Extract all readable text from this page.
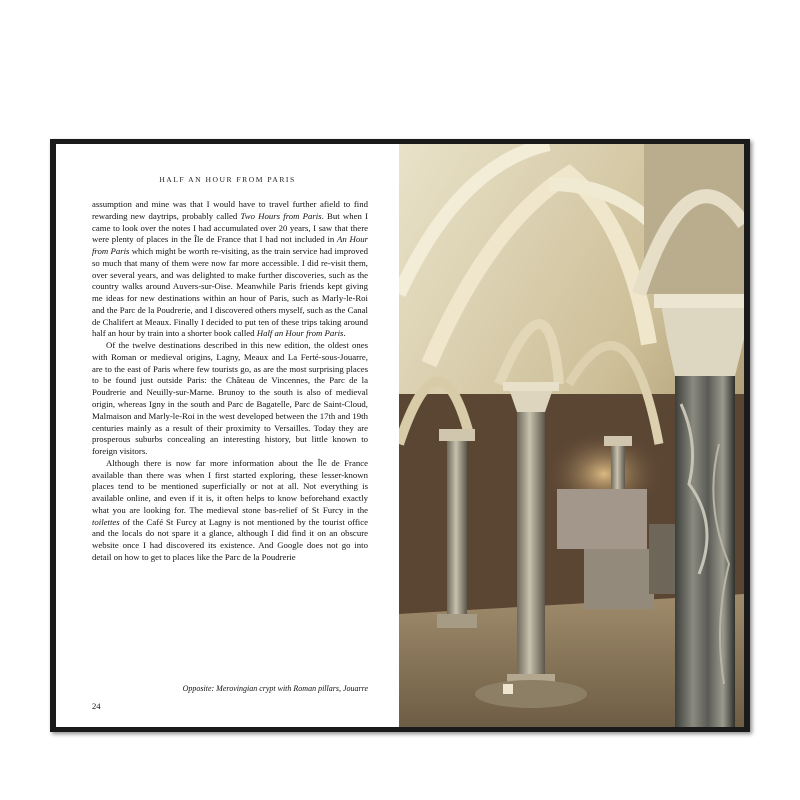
HALF AN HOUR FROM PARIS

assumption and mine was that I would have to travel further afield to find rewarding new daytrips, probably called Two Hours from Paris. But when I came to look over the notes I had accumulated over 20 years, I saw that there were plenty of places in the Île de France that I had not included in An Hour from Paris which might be worth re-visiting, as the train service had improved so much that many of them were now far more accessible. I did re-visit them, over several years, and was delighted to make further discoveries, such as the country walks around Auvers-sur-Oise. Meanwhile Paris friends kept giving me ideas for new destinations within an hour of Paris, such as Marly-le-Roi and the Parc de la Poudrerie, and I discovered others myself, such as the Canal de Chalifert at Meaux. Finally I decided to put ten of these trips taking around half an hour by train into a shorter book called Half an Hour from Paris.

Of the twelve destinations described in this new edition, the oldest ones with Roman or medieval origins, Lagny, Meaux and La Ferté-sous-Jouarre, are to the east of Paris where few tourists go, as are the most surprising places to be found just outside Paris: the Château de Vincennes, the Parc de la Poudrerie and Neuilly-sur-Marne. Brunoy to the south is also of medieval origin, whereas Igny in the south and Parc de Bagatelle, Parc de Saint-Cloud, Malmaison and Marly-le-Roi in the west developed between the 17th and 19th centuries mainly as a result of their proximity to Versailles. Today they are prosperous suburbs concealing an interesting history, but little known to foreign visitors.

Although there is now far more information about the Île de France available than there was when I first started exploring, these lesser-known places tend to be mentioned superficially or not at all. Not everything is available online, and even if it is, it often helps to know beforehand exactly what you are looking for. The medieval stone bas-relief of St Furcy in the toilettes of the Café St Furcy at Lagny is not mentioned by the tourist office and the locals do not spare it a glance, although I did find it on an obscure website once I had discovered its existence. And Google does not go into detail on how to get to places like the Parc de la Poudrerie

Opposite: Merovingian crypt with Roman pillars, Jouarre
24
